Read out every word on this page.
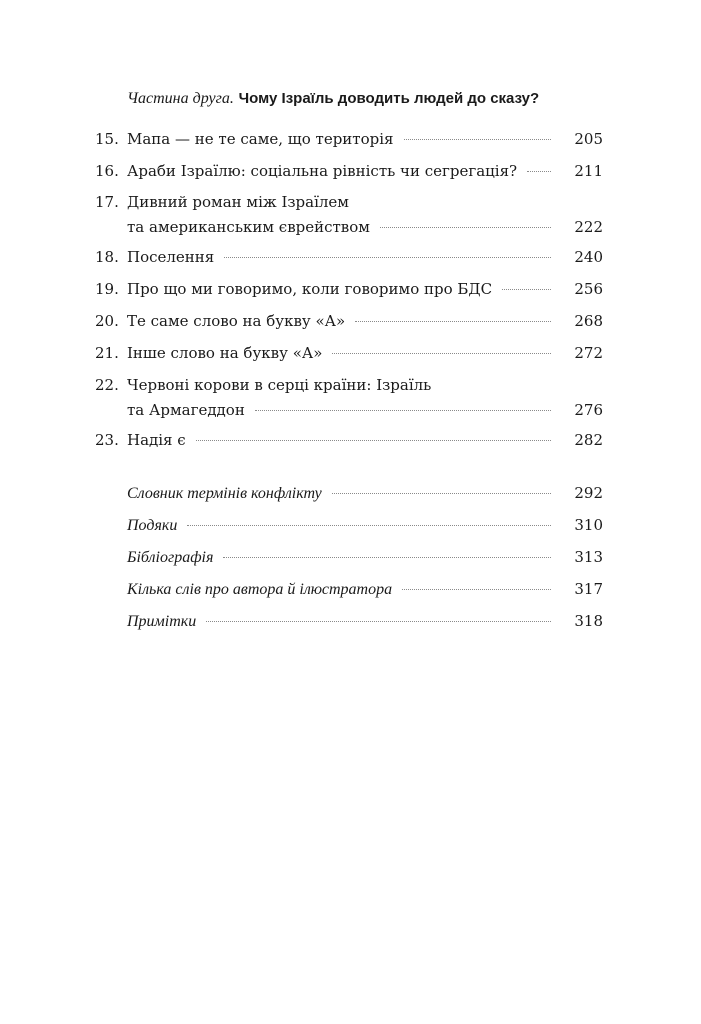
Частина друга. Чому Ізраїль доводить людей до сказу?
15. Мапа — не те саме, що територія	205
16. Араби Ізраїлю: соціальна рівність чи сегрегація?	211
17. Дивний роман між Ізраїлем
та американським єврейством	222
18. Поселення	240
19. Про що ми говоримо, коли говоримо про БДС	256
20. Те саме слово на букву «А»	268
21. Інше слово на букву «А»	272
22. Червоні корови в серці країни: Ізраїль
та Армагеддон	276
23. Надія є	282
Словник термінів конфлікту	292
Подяки	310
Бібліографія	313
Кілька слів про автора й ілюстратора	317
Примітки	318
